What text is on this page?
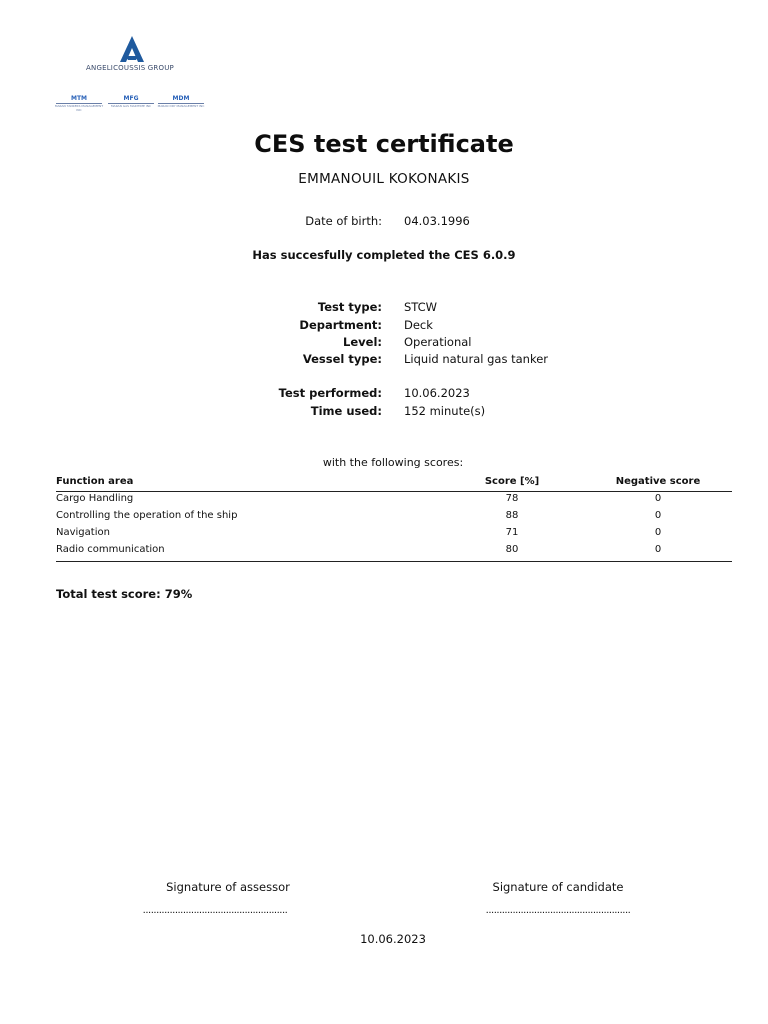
ANGELICOUSSIS GROUP
MTM
MARAN TANKERS MANAGEMENT INC
MFG
MARAN GAS MARITIME INC
MDM
MARAN DRY MANAGEMENT INC
CES test certificate
EMMANOUIL KOKONAKIS
Date of birth: 04.03.1996
Has succesfully completed the CES 6.0.9
Test type: STCW
Department: Deck
Level: Operational
Vessel type: Liquid natural gas tanker
Test performed: 10.06.2023
Time used: 152 minute(s)
with the following scores:
Function area	Score [%]	Negative score
Cargo Handling	78	0
Controlling the operation of the ship	88	0
Navigation	71	0
Radio communication	80	0
Total test score: 79%
Signature of assessor	Signature of candidate
......................................................	......................................................
10.06.2023
